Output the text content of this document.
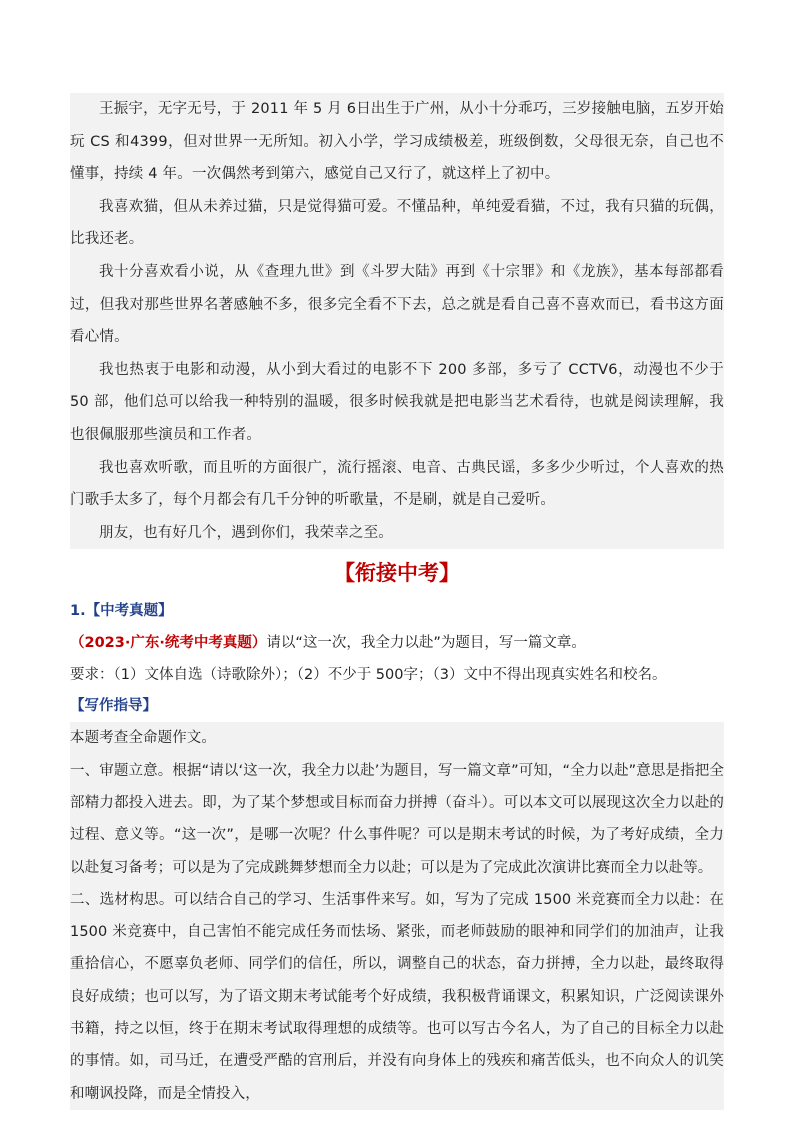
王振宇，无字无号，于 2011 年 5 月 6日出生于广州，从小十分乖巧，三岁接触电脑，五岁开始玩 CS 和4399，但对世界一无所知。初入小学，学习成绩极差，班级倒数，父母很无奈，自己也不懂事，持续 4 年。一次偶然考到第六，感觉自己又行了，就这样上了初中。

我喜欢猫，但从未养过猫，只是觉得猫可爱。不懂品种，单纯爱看猫，不过，我有只猫的玩偶，比我还老。

我十分喜欢看小说，从《查理九世》到《斗罗大陆》再到《十宗罪》和《龙族》，基本每部都看过，但我对那些世界名著感触不多，很多完全看不下去，总之就是看自己喜不喜欢而已，看书这方面看心情。

我也热衷于电影和动漫，从小到大看过的电影不下 200 多部，多亏了 CCTV6，动漫也不少于 50 部，他们总可以给我一种特别的温暖，很多时候我就是把电影当艺术看待，也就是阅读理解，我也很佩服那些演员和工作者。

我也喜欢听歌，而且听的方面很广，流行摇滚、电音、古典民谣，多多少少听过，个人喜欢的热门歌手太多了，每个月都会有几千分钟的听歌量，不是刷，就是自己爱听。

朋友，也有好几个，遇到你们，我荣幸之至。

【衔接中考】

1.【中考真题】

（2023·广东·统考中考真题）请以“这一次，我全力以赴”为题目，写一篇文章。

要求：（1）文体自选（诗歌除外）；（2）不少于 500字；（3）文中不得出现真实姓名和校名。

【写作指导】

本题考查全命题作文。

一、审题立意。根据“请以‘这一次，我全力以赴’为题目，写一篇文章”可知，“全力以赴”意思是指把全部精力都投入进去。即，为了某个梦想或目标而奋力拼搏（奋斗）。可以本文可以展现这次全力以赴的过程、意义等。“这一次”，是哪一次呢？什么事件呢？可以是期末考试的时候，为了考好成绩，全力以赴复习备考；可以是为了完成跳舞梦想而全力以赴；可以是为了完成此次演讲比赛而全力以赴等。

二、选材构思。可以结合自己的学习、生活事件来写。如，写为了完成 1500 米竞赛而全力以赴：在 1500 米竞赛中，自己害怕不能完成任务而怯场、紧张，而老师鼓励的眼神和同学们的加油声，让我重拾信心，不愿辜负老师、同学们的信任，所以，调整自己的状态，奋力拼搏，全力以赴，最终取得良好成绩；也可以写，为了语文期末考试能考个好成绩，我积极背诵课文，积累知识，广泛阅读课外书籍，持之以恒，终于在期末考试取得理想的成绩等。也可以写古今名人，为了自己的目标全力以赴的事情。如，司马迁，在遭受严酷的宫刑后，并没有向身体上的残疾和痛苦低头，也不向众人的讥笑和嘲讽投降，而是全情投入，
